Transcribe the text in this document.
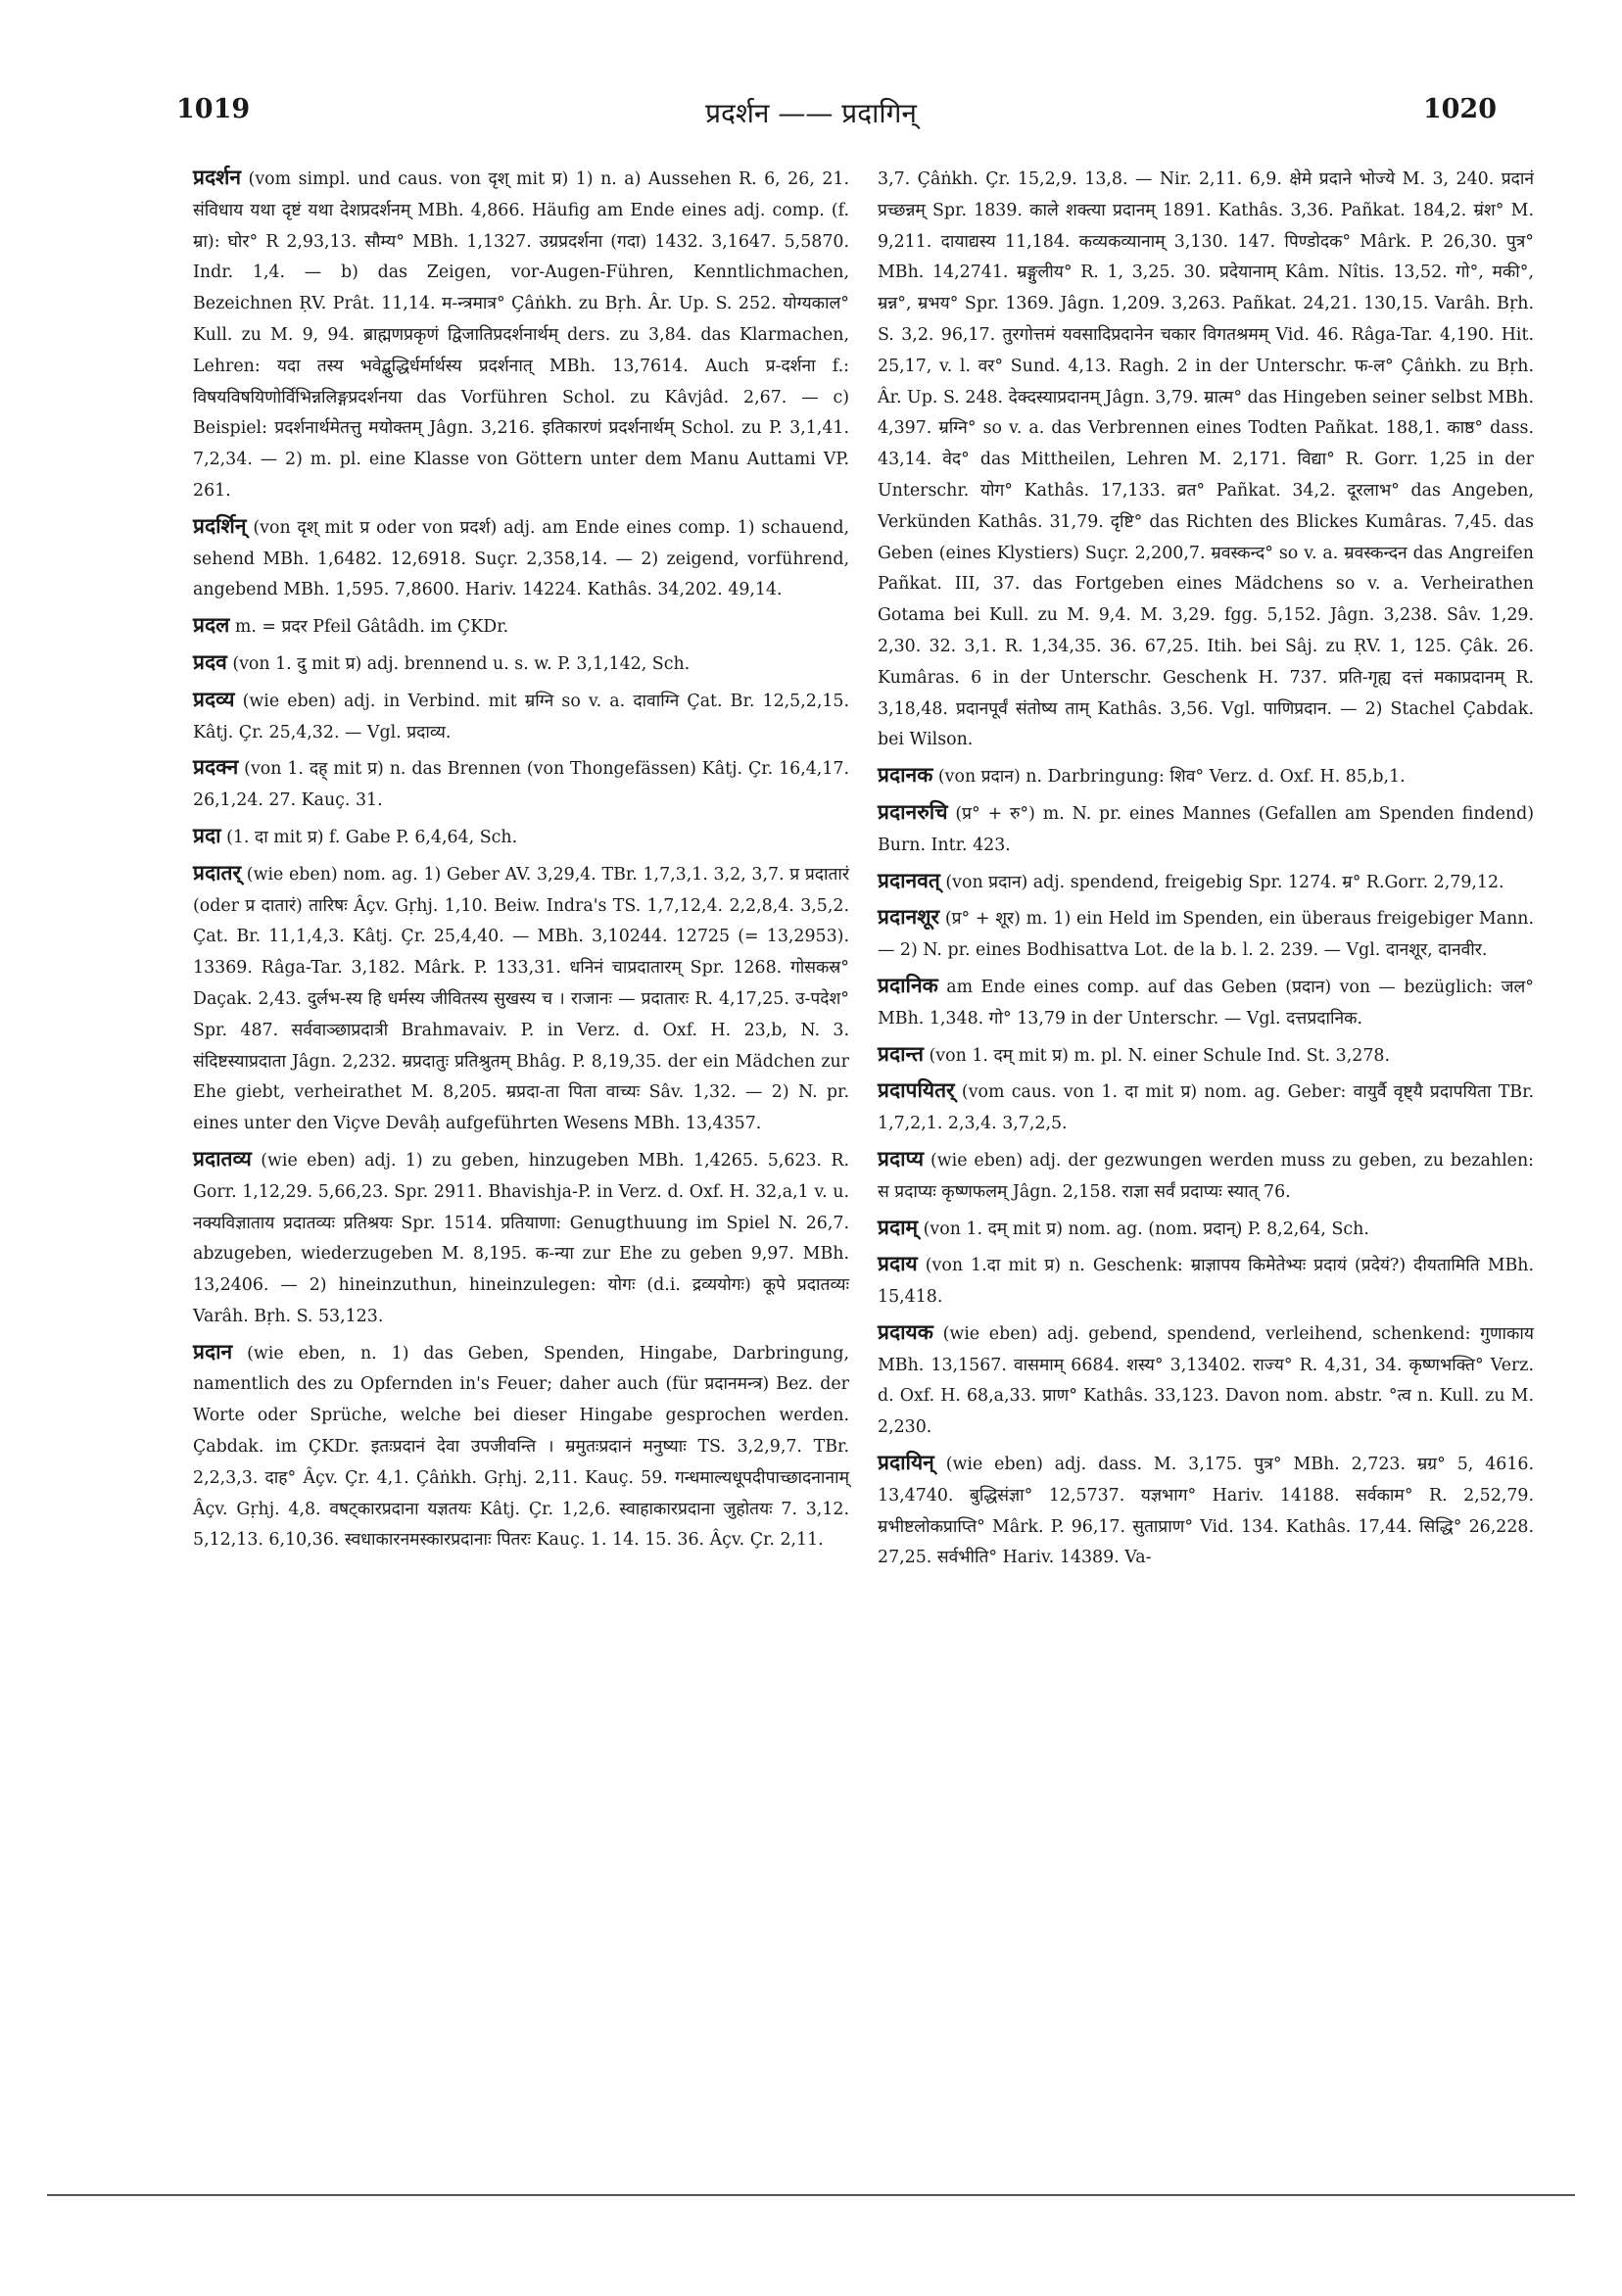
1019	प्रदर्शन —— प्रदागिन्	1020

प्रदर्शन (vom simpl. und caus. von दृश् mit प्र) 1) n. a) Aussehen R. 6, 26, 21. संविधाय यथा दृष्टं यथा देशप्रदर्शनम् MBh. 4,866. Häufig am Ende eines adj. comp. (f. म्रा): घोर° R 2,93,13. सौम्य° MBh. 1,1327. उग्रप्रदर्शना (गदा) 1432. 3,1647. 5,5870. Indr. 1,4. — b) das Zeigen, vor-Augen-Führen, Kenntlichmachen, Bezeichnen ṚV. Prât. 11,14. म-न्त्रमात्र° Çâṅkh. zu Bṛh. Âr. Up. S. 252. योग्यकाल° Kull. zu M. 9, 94. ब्राह्मणप्रकृणं द्विजातिप्रदर्शनार्थम् ders. zu 3,84. das Klarmachen, Lehren: यदा तस्य भवेद्बुद्धिर्धर्मार्थस्य प्रदर्शनात् MBh. 13,7614. Auch प्र-दर्शना f.: विषयविषयिणोर्विभिन्नलिङ्गप्रदर्शनया das Vorführen Schol. zu Kâvjâd. 2,67. — c) Beispiel: प्रदर्शनार्थमेतत्तु मयोक्तम् Jâgn. 3,216. इतिकारणं प्रदर्शनार्थम् Schol. zu P. 3,1,41. 7,2,34. — 2) m. pl. eine Klasse von Göttern unter dem Manu Auttami VP. 261.

प्रदर्शिन् (von दृश् mit प्र oder von प्रदर्श) adj. am Ende eines comp. 1) schauend, sehend MBh. 1,6482. 12,6918. Suçr. 2,358,14. — 2) zeigend, vorführend, angebend MBh. 1,595. 7,8600. Hariv. 14224. Kathâs. 34,202. 49,14.

प्रदल m. = प्रदर Pfeil Gâtâdh. im ÇKDr.

प्रदव (von 1. दु mit प्र) adj. brennend u. s. w. P. 3,1,142, Sch.

प्रदव्य (wie eben) adj. in Verbind. mit म्रग्नि so v. a. दावाग्नि Çat. Br. 12,5,2,15. Kâtj. Çr. 25,4,32. — Vgl. प्रदाव्य.

प्रदक्न (von 1. दह् mit प्र) n. das Brennen (von Thongefässen) Kâtj. Çr. 16,4,17. 26,1,24. 27. Kauç. 31.

प्रदा (1. दा mit प्र) f. Gabe P. 6,4,64, Sch.

प्रदातर् (wie eben) nom. ag. 1) Geber AV. 3,29,4. TBr. 1,7,3,1. 3,2, 3,7. प्र प्रदातारं (oder प्र दातारं) तारिषः Âçv. Gṛhj. 1,10. Beiw. Indra's TS. 1,7,12,4. 2,2,8,4. 3,5,2. Çat. Br. 11,1,4,3. Kâtj. Çr. 25,4,40. — MBh. 3,10244. 12725 (= 13,2953). 13369. Râga-Tar. 3,182. Mârk. P. 133,31. धनिनं चाप्रदातारम् Spr. 1268. गोसकस्र° Daçak. 2,43. दुर्लभ-स्य हि धर्मस्य जीवितस्य सुखस्य च । राजानः — प्रदातारः R. 4,17,25. उ-पदेश° Spr. 487. सर्ववाञ्छाप्रदात्री Brahmavaiv. P. in Verz. d. Oxf. H. 23,b, N. 3. संदिष्टस्याप्रदाता Jâgn. 2,232. म्रप्रदातुः प्रतिश्रुतम् Bhâg. P. 8,19,35. der ein Mädchen zur Ehe giebt, verheirathet M. 8,205. म्रप्रदा-ता पिता वाच्यः Sâv. 1,32. — 2) N. pr. eines unter den Viçve Devâḥ aufgeführten Wesens MBh. 13,4357.

प्रदातव्य (wie eben) adj. 1) zu geben, hinzugeben MBh. 1,4265. 5,623. R. Gorr. 1,12,29. 5,66,23. Spr. 2911. Bhavishja-P. in Verz. d. Oxf. H. 32,a,1 v. u. नक्यविज्ञाताय प्रदातव्यः प्रतिश्रयः Spr. 1514. प्रतियाणा: Genugthuung im Spiel N. 26,7. abzugeben, wiederzugeben M. 8,195. क-न्या zur Ehe zu geben 9,97. MBh. 13,2406. — 2) hineinzuthun, hineinzulegen: योगः (d.i. द्रव्ययोगः) कूपे प्रदातव्यः Varâh. Bṛh. S. 53,123.

प्रदान (wie eben, n. 1) das Geben, Spenden, Hingabe, Darbringung, namentlich des zu Opfernden in's Feuer; daher auch (für प्रदानमन्त्र) Bez. der Worte oder Sprüche, welche bei dieser Hingabe gesprochen werden. Çabdak. im ÇKDr. इतःप्रदानं देवा उपजीवन्ति । म्रमुतःप्रदानं मनुष्याः TS. 3,2,9,7. TBr. 2,2,3,3. दाह° Âçv. Çr. 4,1. Çâṅkh. Gṛhj. 2,11. Kauç. 59. गन्धमाल्यधूपदीपाच्छादनानाम् Âçv. Gṛhj. 4,8. वषट्कारप्रदाना यज्ञतयः Kâtj. Çr. 1,2,6. स्वाहाकारप्रदाना जुहोतयः 7. 3,12. 5,12,13. 6,10,36. स्वधाकारनमस्कारप्रदानाः पितरः Kauç. 1. 14. 15. 36. Âçv. Çr. 2,11.

3,7. Çâṅkh. Çr. 15,2,9. 13,8. — Nir. 2,11. 6,9. क्षेमे प्रदाने भोज्ये M. 3, 240. प्रदानं प्रच्छन्नम् Spr. 1839. काले शक्त्या प्रदानम् 1891. Kathâs. 3,36. Pañkat. 184,2. म्रंश° M. 9,211. दायाद्यस्य 11,184. कव्यकव्यानाम् 3,130. 147. पिण्डोदक° Mârk. P. 26,30. पुत्र° MBh. 14,2741. म्रङ्गुलीय° R. 1, 3,25. 30. प्रदेयानाम् Kâm. Nîtis. 13,52. गो°, मकी°, म्रन्न°, म्रभय° Spr. 1369. Jâgn. 1,209. 3,263. Pañkat. 24,21. 130,15. Varâh. Bṛh. S. 3,2. 96,17. तुरगोत्तमं यवसादिप्रदानेन चकार विगतश्रमम् Vid. 46. Râga-Tar. 4,190. Hit. 25,17, v. l. वर° Sund. 4,13. Ragh. 2 in der Unterschr. फ-ल° Çâṅkh. zu Bṛh. Âr. Up. S. 248. देक्दस्याप्रदानम् Jâgn. 3,79. म्रात्म° das Hingeben seiner selbst MBh. 4,397. म्रग्नि° so v. a. das Verbrennen eines Todten Pañkat. 188,1. काष्ठ° dass. 43,14. वेद° das Mittheilen, Lehren M. 2,171. विद्या° R. Gorr. 1,25 in der Unterschr. योग° Kathâs. 17,133. व्रत° Pañkat. 34,2. दूरलाभ° das Angeben, Verkünden Kathâs. 31,79. दृष्टि° das Richten des Blickes Kumâras. 7,45. das Geben (eines Klystiers) Suçr. 2,200,7. म्रवस्कन्द° so v. a. म्रवस्कन्दन das Angreifen Pañkat. III, 37. das Fortgeben eines Mädchens so v. a. Verheirathen Gotama bei Kull. zu M. 9,4. M. 3,29. fgg. 5,152. Jâgn. 3,238. Sâv. 1,29. 2,30. 32. 3,1. R. 1,34,35. 36. 67,25. Itih. bei Sâj. zu ṚV. 1, 125. Çâk. 26. Kumâras. 6 in der Unterschr. Geschenk H. 737. प्रति-गृह्य दत्तं मकाप्रदानम् R. 3,18,48. प्रदानपूर्वं संतोष्य ताम् Kathâs. 3,56. Vgl. पाणिप्रदान. — 2) Stachel Çabdak. bei Wilson.

प्रदानक (von प्रदान) n. Darbringung: शिव° Verz. d. Oxf. H. 85,b,1.

प्रदानरुचि (प्र° + रु°) m. N. pr. eines Mannes (Gefallen am Spenden findend) Burn. Intr. 423.

प्रदानवत् (von प्रदान) adj. spendend, freigebig Spr. 1274. म्र° R.Gorr. 2,79,12.

प्रदानशूर (प्र° + शूर) m. 1) ein Held im Spenden, ein überaus freigebiger Mann. — 2) N. pr. eines Bodhisattva Lot. de la b. l. 2. 239. — Vgl. दानशूर, दानवीर.

प्रदानिक am Ende eines comp. auf das Geben (प्रदान) von — bezüglich: जल° MBh. 1,348. गो° 13,79 in der Unterschr. — Vgl. दत्तप्रदानिक.

प्रदान्त (von 1. दम् mit प्र) m. pl. N. einer Schule Ind. St. 3,278.

प्रदापयितर् (vom caus. von 1. दा mit प्र) nom. ag. Geber: वायुर्वै वृष्ट्यै प्रदापयिता TBr. 1,7,2,1. 2,3,4. 3,7,2,5.

प्रदाप्य (wie eben) adj. der gezwungen werden muss zu geben, zu bezahlen: स प्रदाप्यः कृष्णफलम् Jâgn. 2,158. राज्ञा सर्वं प्रदाप्यः स्यात् 76.

प्रदाम् (von 1. दम् mit प्र) nom. ag. (nom. प्रदान्) P. 8,2,64, Sch.

प्रदाय (von 1.दा mit प्र) n. Geschenk: म्राज्ञापय किमेतेभ्यः प्रदायं (प्रदेयं?) दीयतामिति MBh. 15,418.

प्रदायक (wie eben) adj. gebend, spendend, verleihend, schenkend: गुणाकाय MBh. 13,1567. वासमाम् 6684. शस्य° 3,13402. राज्य° R. 4,31, 34. कृष्णभक्ति° Verz. d. Oxf. H. 68,a,33. प्राण° Kathâs. 33,123. Davon nom. abstr. °त्व n. Kull. zu M. 2,230.

प्रदायिन् (wie eben) adj. dass. M. 3,175. पुत्र° MBh. 2,723. म्रग्र° 5, 4616. 13,4740. बुद्धिसंज्ञा° 12,5737. यज्ञभाग° Hariv. 14188. सर्वकाम° R. 2,52,79. म्रभीष्टलोकप्राप्ति° Mârk. P. 96,17. सुताप्राण° Vid. 134. Kathâs. 17,44. सिद्धि° 26,228. 27,25. सर्वभीति° Hariv. 14389. Va-
